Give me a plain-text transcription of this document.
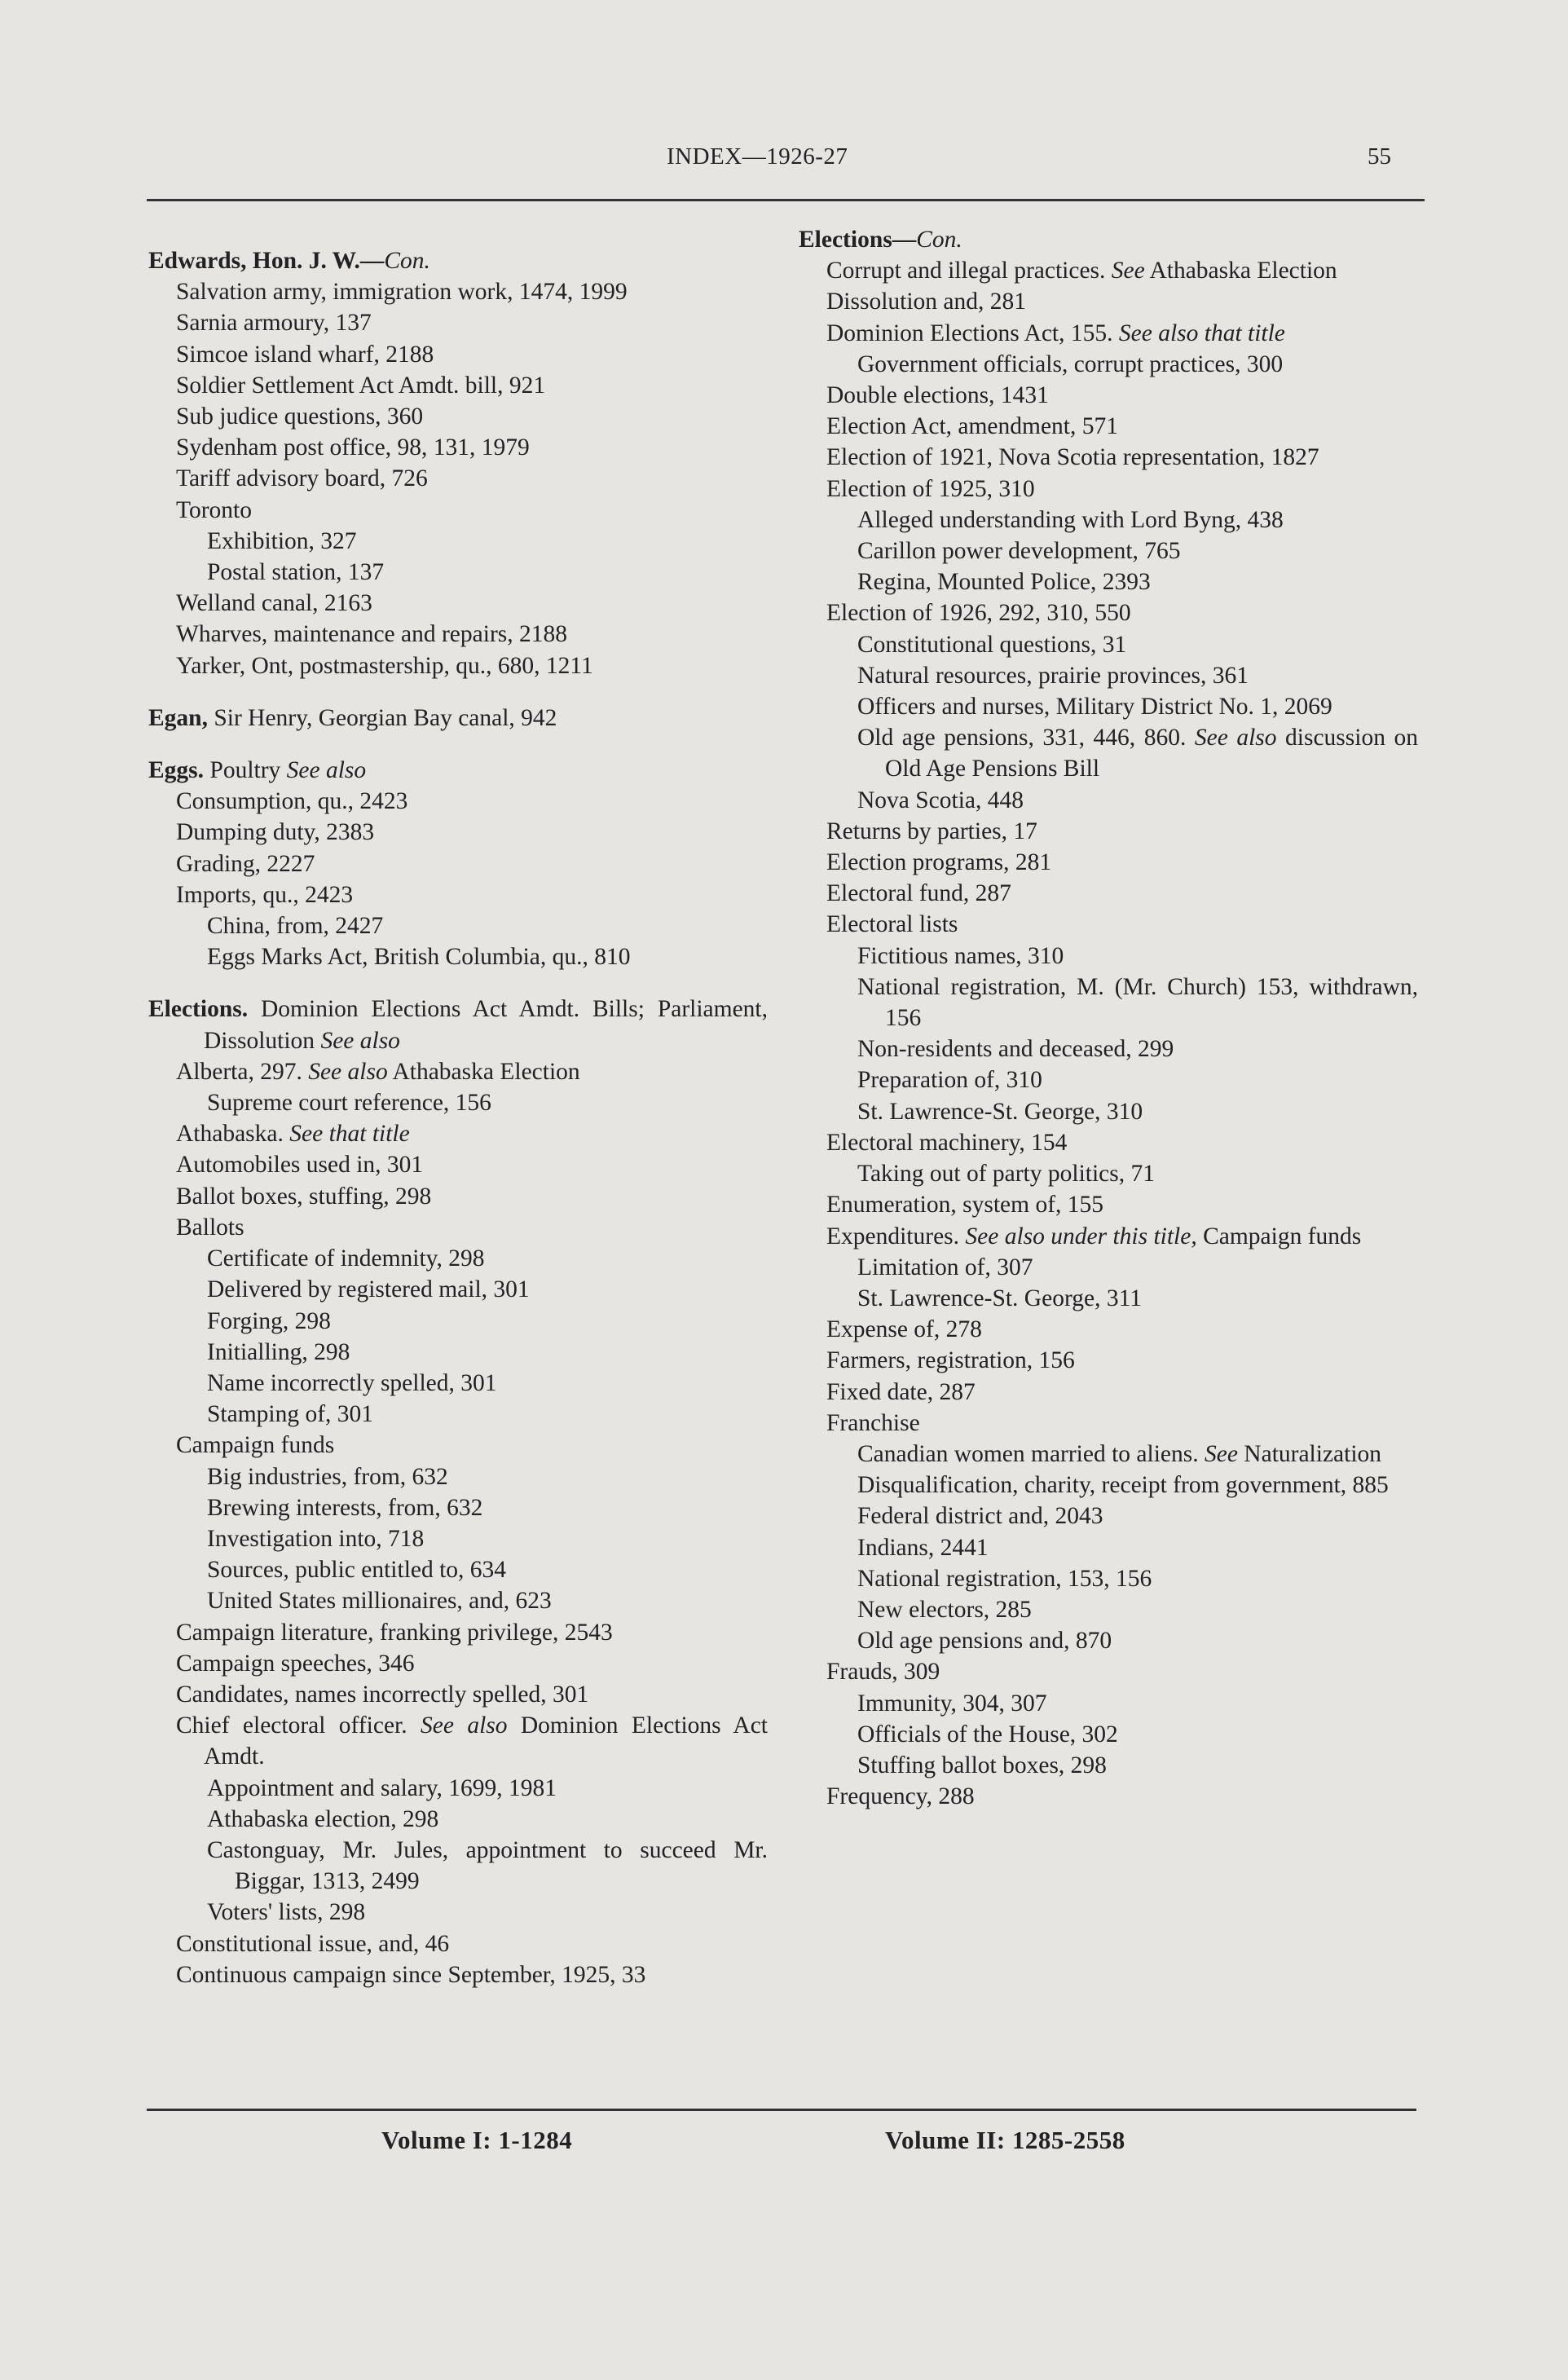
INDEX—1926-27	55

Edwards, Hon. J. W.—Con.

Salvation army, immigration work, 1474, 1999

Sarnia armoury, 137

Simcoe island wharf, 2188

Soldier Settlement Act Amdt. bill, 921

Sub judice questions, 360

Sydenham post office, 98, 131, 1979

Tariff advisory board, 726

Toronto

Exhibition, 327

Postal station, 137

Welland canal, 2163

Wharves, maintenance and repairs, 2188

Yarker, Ont, postmastership, qu., 680, 1211

Egan, Sir Henry, Georgian Bay canal, 942

Eggs. Poultry See also

Consumption, qu., 2423

Dumping duty, 2383

Grading, 2227

Imports, qu., 2423

China, from, 2427

Eggs Marks Act, British Columbia, qu., 810

Elections. Dominion Elections Act Amdt. Bills; Parliament, Dissolution See also

Alberta, 297. See also Athabaska Election

Supreme court reference, 156

Athabaska. See that title

Automobiles used in, 301

Ballot boxes, stuffing, 298

Ballots

Certificate of indemnity, 298

Delivered by registered mail, 301

Forging, 298

Initialling, 298

Name incorrectly spelled, 301

Stamping of, 301

Campaign funds

Big industries, from, 632

Brewing interests, from, 632

Investigation into, 718

Sources, public entitled to, 634

United States millionaires, and, 623

Campaign literature, franking privilege, 2543

Campaign speeches, 346

Candidates, names incorrectly spelled, 301

Chief electoral officer. See also Dominion Elections Act Amdt.

Appointment and salary, 1699, 1981

Athabaska election, 298

Castonguay, Mr. Jules, appointment to succeed Mr. Biggar, 1313, 2499

Voters' lists, 298

Constitutional issue, and, 46

Continuous campaign since September, 1925, 33

Elections—Con.

Corrupt and illegal practices. See Athabaska Election

Dissolution and, 281

Dominion Elections Act, 155. See also that title

Government officials, corrupt practices, 300

Double elections, 1431

Election Act, amendment, 571

Election of 1921, Nova Scotia representation, 1827

Election of 1925, 310

Alleged understanding with Lord Byng, 438

Carillon power development, 765

Regina, Mounted Police, 2393

Election of 1926, 292, 310, 550

Constitutional questions, 31

Natural resources, prairie provinces, 361

Officers and nurses, Military District No. 1, 2069

Old age pensions, 331, 446, 860. See also discussion on Old Age Pensions Bill

Nova Scotia, 448

Returns by parties, 17

Election programs, 281

Electoral fund, 287

Electoral lists

Fictitious names, 310

National registration, M. (Mr. Church) 153, withdrawn, 156

Non-residents and deceased, 299

Preparation of, 310

St. Lawrence-St. George, 310

Electoral machinery, 154

Taking out of party politics, 71

Enumeration, system of, 155

Expenditures. See also under this title, Campaign funds

Limitation of, 307

St. Lawrence-St. George, 311

Expense of, 278

Farmers, registration, 156

Fixed date, 287

Franchise

Canadian women married to aliens. See Naturalization

Disqualification, charity, receipt from government, 885

Federal district and, 2043

Indians, 2441

National registration, 153, 156

New electors, 285

Old age pensions and, 870

Frauds, 309

Immunity, 304, 307

Officials of the House, 302

Stuffing ballot boxes, 298

Frequency, 288

Volume I: 1-1284	Volume II: 1285-2558
